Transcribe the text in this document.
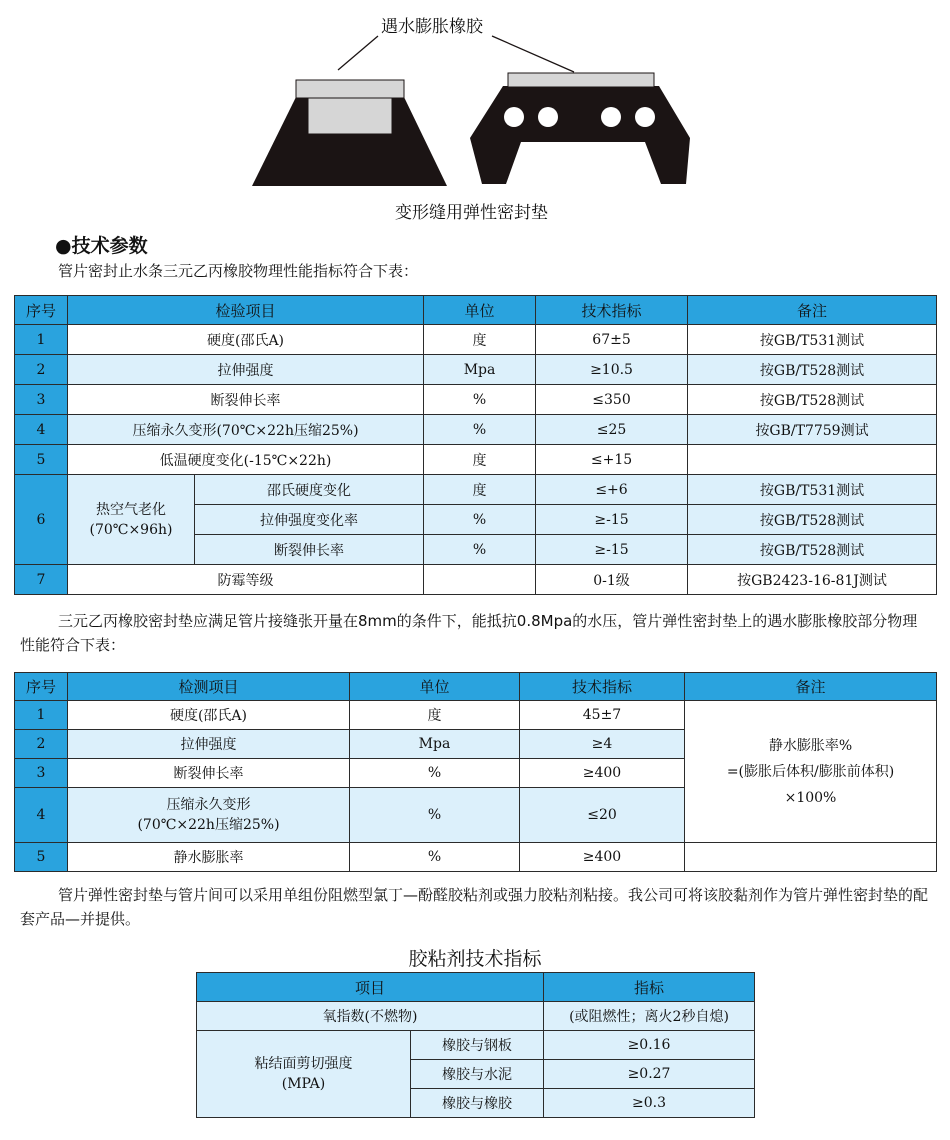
遇水膨胀橡胶
变形缝用弹性密封垫
●技术参数
管片密封止水条三元乙丙橡胶物理性能指标符合下表：
序号	检验项目		单位	技术指标	备注
1	硬度(邵氏A)		度	67±5	按GB/T531测试
2	拉伸强度		Mpa	≥10.5	按GB/T528测试
3	断裂伸长率		%	≤350	按GB/T528测试
4	压缩永久变形(70℃×22h压缩25%)		%	≤25	按GB/T7759测试
5	低温硬度变化(-15℃×22h)		度	≤+15	
6	热空气老化
(70℃×96h)	邵氏硬度变化	度	≤+6	按GB/T531测试
		拉伸强度变化率	%	≥-15	按GB/T528测试
		断裂伸长率	%	≥-15	按GB/T528测试
7	防霉等级			0-1级	按GB2423-16-81J测试
三元乙丙橡胶密封垫应满足管片接缝张开量在8mm的条件下，能抵抗0.8Mpa的水压，管片弹性密封垫上的遇水膨胀橡胶部分物理性能符合下表：
序号	检测项目	单位	技术指标	备注
1	硬度(邵氏A)	度	45±7	静水膨胀率%
=(膨胀后体积/膨胀前体积)
×100%

2	拉伸强度	Mpa	≥4	
3	断裂伸长率	%	≥400	
4	压缩永久变形
(70℃×22h压缩25%)	%	≤20	
5	静水膨胀率	%	≥400	
管片弹性密封垫与管片间可以采用单组份阻燃型氯丁—酚醛胶粘剂或强力胶粘剂粘接。我公司可将该胶黏剂作为管片弹性密封垫的配套产品—并提供。
胶粘剂技术指标
项目		指标
氧指数(不燃物)		(或阻燃性；离火2秒自熄)

粘结面剪切强度
(MPA)	橡胶与钢板	≥0.16
	橡胶与水泥	≥0.27
	橡胶与橡胶	≥0.3
